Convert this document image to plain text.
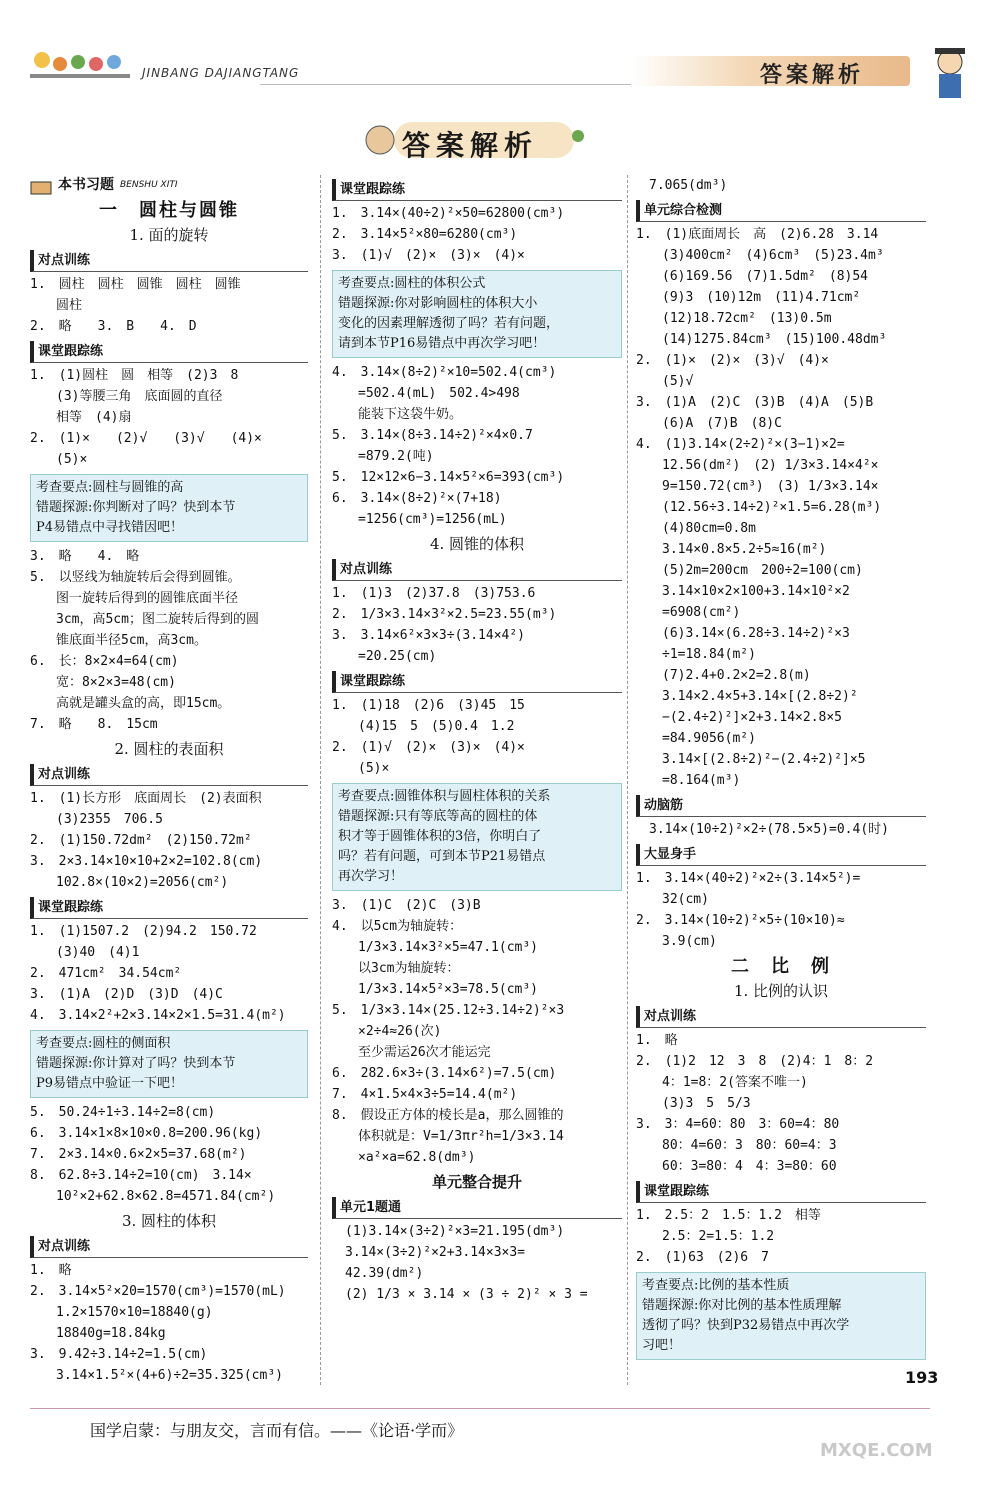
JINBANG DAJIANGTANG	答案解析
答案解析
本书习题 BENSHU XITI
一　圆柱与圆锥
1. 面的旋转
对点训练
1.　圆柱　圆柱　圆锥　圆柱　圆锥
　　圆柱
2.　略　　3.　B　　4.　D
课堂跟踪练
1.　(1)圆柱　圆　相等　(2)3　8
　　(3)等腰三角　底面圆的直径
　　相等　(4)扇
2.　(1)×　　(2)√　　(3)√　　(4)×
　　(5)×
考查要点:圆柱与圆锥的高
错题探源:你判断对了吗？快到本节
P4易错点中寻找错因吧！
3.　略　　4.　略
5.　以竖线为轴旋转后会得到圆锥。
　　图一旋转后得到的圆锥底面半径
　　3cm，高5cm；图二旋转后得到的圆
　　锥底面半径5cm，高3cm。
6.　长：8×2×4=64(cm)
　　宽：8×2×3=48(cm)
　　高就是罐头盒的高，即15cm。
7.　略　　8.　15cm
2. 圆柱的表面积
对点训练
1.　(1)长方形　底面周长　(2)表面积
　　(3)2355　706.5
2.　(1)150.72dm²　(2)150.72m²
3.　2×3.14×10×10+2×2=102.8(cm)
　　102.8×(10×2)=2056(cm²)
课堂跟踪练
1.　(1)1507.2　(2)94.2　150.72
　　(3)40　(4)1
2.　471cm²　34.54cm²
3.　(1)A　(2)D　(3)D　(4)C
4.　3.14×2²+2×3.14×2×1.5=31.4(m²)
考查要点:圆柱的侧面积
错题探源:你计算对了吗？快到本节
P9易错点中验证一下吧！
5.　50.24÷1÷3.14÷2=8(cm)
6.　3.14×1×8×10×0.8=200.96(kg)
7.　2×3.14×0.6×2×5=37.68(m²)
8.　62.8÷3.14÷2=10(cm)　3.14×
　　10²×2+62.8×62.8=4571.84(cm²)
3. 圆柱的体积
对点训练
1.　略
2.　3.14×5²×20=1570(cm³)=1570(mL)
　　1.2×1570×10=18840(g)
　　18840g=18.84kg
3.　9.42÷3.14÷2=1.5(cm)
　　3.14×1.5²×(4+6)÷2=35.325(cm³)
课堂跟踪练
1.　3.14×(40÷2)²×50=62800(cm³)
2.　3.14×5²×80=6280(cm³)
3.　(1)√　(2)×　(3)×　(4)×
考查要点:圆柱的体积公式
错题探源:你对影响圆柱的体积大小
变化的因素理解透彻了吗？若有问题，
请到本节P16易错点中再次学习吧！
4.　3.14×(8÷2)²×10=502.4(cm³)
　　=502.4(mL)　502.4>498
　　能装下这袋牛奶。
5.　3.14×(8÷3.14÷2)²×4×0.7
　　=879.2(吨)
5.　12×12×6−3.14×5²×6=393(cm³)
6.　3.14×(8÷2)²×(7+18)
　　=1256(cm³)=1256(mL)
4. 圆锥的体积
对点训练
1.　(1)3　(2)37.8　(3)753.6
2.　1/3×3.14×3²×2.5=23.55(m³)
3.　3.14×6²×3×3÷(3.14×4²)
　　=20.25(cm)
课堂跟踪练
1.　(1)18　(2)6　(3)45　15
　　(4)15　5　(5)0.4　1.2
2.　(1)√　(2)×　(3)×　(4)×
　　(5)×
考查要点:圆锥体积与圆柱体积的关系
错题探源:只有等底等高的圆柱的体
积才等于圆锥体积的3倍，你明白了
吗？若有问题，可到本节P21易错点
再次学习！
3.　(1)C　(2)C　(3)B
4.　以5cm为轴旋转：
　　1/3×3.14×3²×5=47.1(cm³)
　　以3cm为轴旋转：
　　1/3×3.14×5²×3=78.5(cm³)
5.　1/3×3.14×(25.12÷3.14÷2)²×3
　　×2÷4≈26(次)
　　至少需运26次才能运完
6.　282.6×3÷(3.14×6²)=7.5(cm)
7.　4×1.5×4×3÷5=14.4(m²)
8.　假设正方体的棱长是a，那么圆锥的
　　体积就是：V=1/3πr²h=1/3×3.14
　　×a²×a=62.8(dm³)
单元整合提升
单元1题通
　(1)3.14×(3÷2)²×3=21.195(dm³)
　3.14×(3÷2)²×2+3.14×3×3=
　42.39(dm²)
　(2) 1/3 × 3.14 × (3 ÷ 2)² × 3 =
　7.065(dm³)
单元综合检测
1.　(1)底面周长　高　(2)6.28　3.14
　　(3)400cm²　(4)6cm³　(5)23.4m³
　　(6)169.56　(7)1.5dm²　(8)54
　　(9)3　(10)12m　(11)4.71cm²
　　(12)18.72cm²　(13)0.5m
　　(14)1275.84cm³　(15)100.48dm³
2.　(1)×　(2)×　(3)√　(4)×
　　(5)√
3.　(1)A　(2)C　(3)B　(4)A　(5)B
　　(6)A　(7)B　(8)C
4.　(1)3.14×(2÷2)²×(3−1)×2=
　　12.56(dm²)　(2) 1/3×3.14×4²×
　　9=150.72(cm³)　(3) 1/3×3.14×
　　(12.56÷3.14÷2)²×1.5=6.28(m³)
　　(4)80cm=0.8m
　　3.14×0.8×5.2÷5≈16(m²)
　　(5)2m=200cm　200÷2=100(cm)
　　3.14×10×2×100+3.14×10²×2
　　=6908(cm²)
　　(6)3.14×(6.28÷3.14÷2)²×3
　　÷1=18.84(m²)
　　(7)2.4+0.2×2=2.8(m)
　　3.14×2.4×5+3.14×[(2.8÷2)²
　　−(2.4÷2)²]×2+3.14×2.8×5
　　=84.9056(m²)
　　3.14×[(2.8÷2)²−(2.4÷2)²]×5
　　=8.164(m³)
动脑筋
　3.14×(10÷2)²×2÷(78.5×5)=0.4(时)
大显身手
1.　3.14×(40÷2)²×2÷(3.14×5²)=
　　32(cm)
2.　3.14×(10÷2)²×5÷(10×10)≈
　　3.9(cm)
二　比　例
1. 比例的认识
对点训练
1.　略
2.　(1)2　12　3　8　(2)4：1　8：2
　　4：1=8：2(答案不唯一)
　　(3)3　5　5/3
3.　3：4=60：80　3：60=4：80
　　80：4=60：3　80：60=4：3
　　60：3=80：4　4：3=80：60
课堂跟踪练
1.　2.5：2　1.5：1.2　相等
　　2.5：2=1.5：1.2
2.　(1)63　(2)6　7
考查要点:比例的基本性质
错题探源:你对比例的基本性质理解
透彻了吗？快到P32易错点中再次学
习吧！
193
国学启蒙：与朋友交，言而有信。——《论语·学而》
MXQE.COM
